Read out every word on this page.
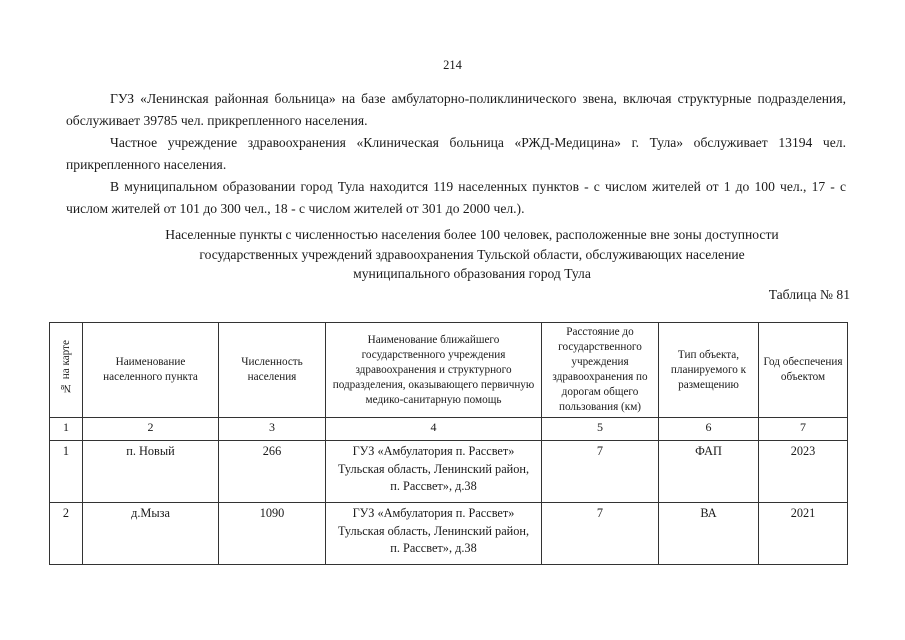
214

ГУЗ «Ленинская районная больница» на базе амбулаторно-поликлинического звена, включая структурные подразделения, обслуживает 39785 чел. прикрепленного населения.

Частное учреждение здравоохранения «Клиническая больница «РЖД-Медицина» г. Тула» обслуживает 13194 чел. прикрепленного населения.

В муниципальном образовании город Тула находится 119 населенных пунктов - с числом жителей от 1 до 100 чел., 17 - с числом жителей от 101 до 300 чел., 18 - с числом жителей от 301 до 2000 чел.).

Населенные пункты с численностью населения более 100 человек, расположенные вне зоны доступности
государственных учреждений здравоохранения Тульской области, обслуживающих население
муниципального образования город Тула
Таблица № 81
№ на карте	Наименование населенного пункта	Численность населения	Наименование ближайшего государственного учреждения здравоохранения и структурного подразделения, оказывающего первичную медико-санитарную помощь	Расстояние до государственного учреждения здравоохранения по дорогам общего пользования (км)	Тип объекта, планируемого к размещению	Год обеспечения объектом
1	2	3	4	5	6	7
1	п. Новый	266	ГУЗ «Амбулатория п. Рассвет»
Тульская область, Ленинский район,
п. Рассвет», д.38	7	ФАП	2023
2	д.Мыза	1090	ГУЗ «Амбулатория п. Рассвет»
Тульская область, Ленинский район,
п. Рассвет», д.38	7	ВА	2021
